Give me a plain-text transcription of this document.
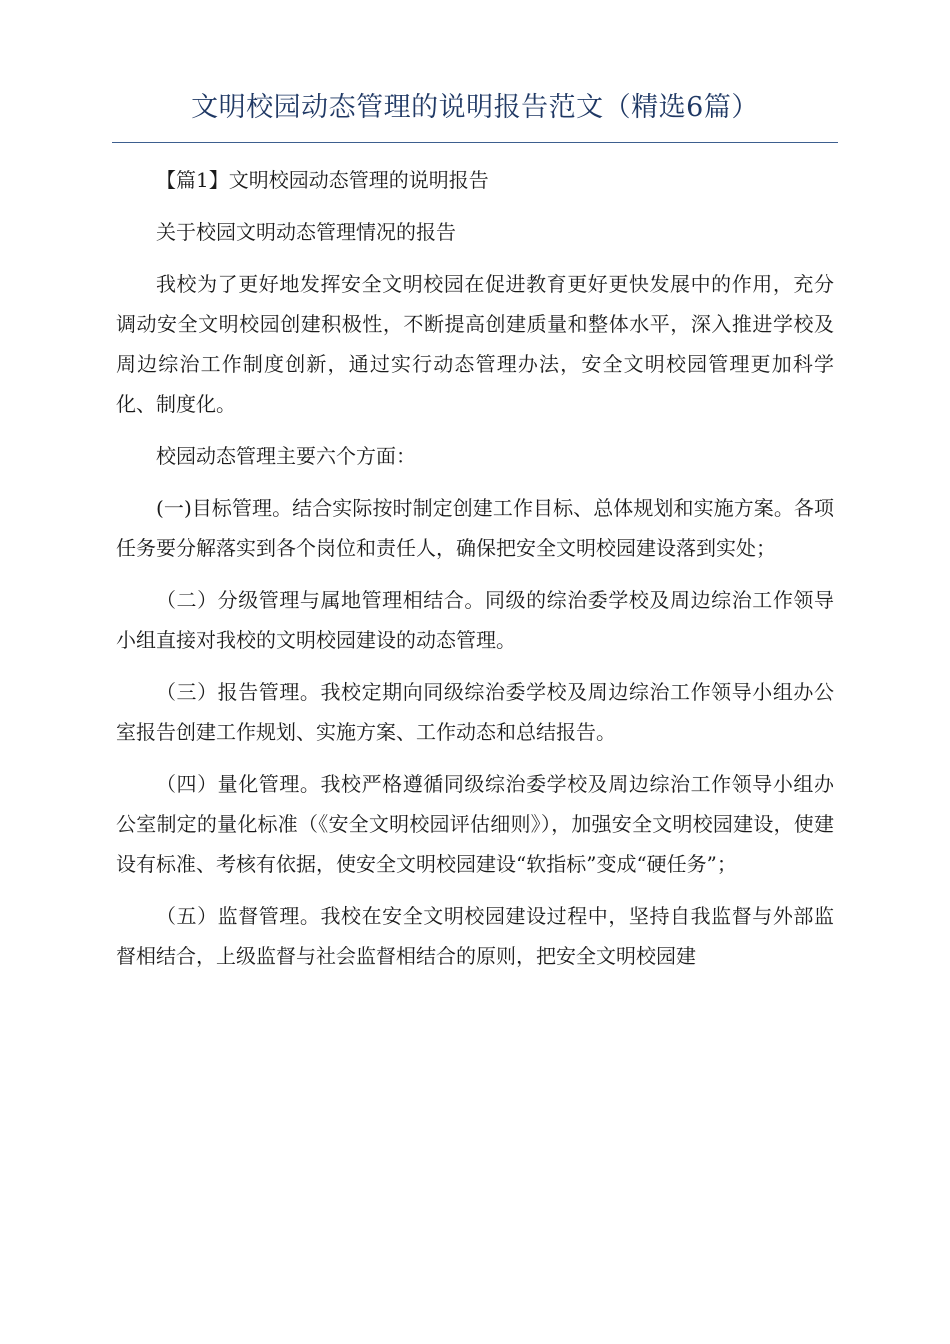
文明校园动态管理的说明报告范文（精选6篇）

【篇1】文明校园动态管理的说明报告

关于校园文明动态管理情况的报告

我校为了更好地发挥安全文明校园在促进教育更好更快发展中的作用，充分调动安全文明校园创建积极性，不断提高创建质量和整体水平，深入推进学校及周边综治工作制度创新，通过实行动态管理办法，安全文明校园管理更加科学化、制度化。

校园动态管理主要六个方面：

(一)目标管理。结合实际按时制定创建工作目标、总体规划和实施方案。各项任务要分解落实到各个岗位和责任人，确保把安全文明校园建设落到实处；

（二）分级管理与属地管理相结合。同级的综治委学校及周边综治工作领导小组直接对我校的文明校园建设的动态管理。

（三）报告管理。我校定期向同级综治委学校及周边综治工作领导小组办公室报告创建工作规划、实施方案、工作动态和总结报告。

（四）量化管理。我校严格遵循同级综治委学校及周边综治工作领导小组办公室制定的量化标准（《安全文明校园评估细则》），加强安全文明校园建设，使建设有标准、考核有依据，使安全文明校园建设“软指标”变成“硬任务”；

（五）监督管理。我校在安全文明校园建设过程中，坚持自我监督与外部监督相结合，上级监督与社会监督相结合的原则，把安全文明校园建
